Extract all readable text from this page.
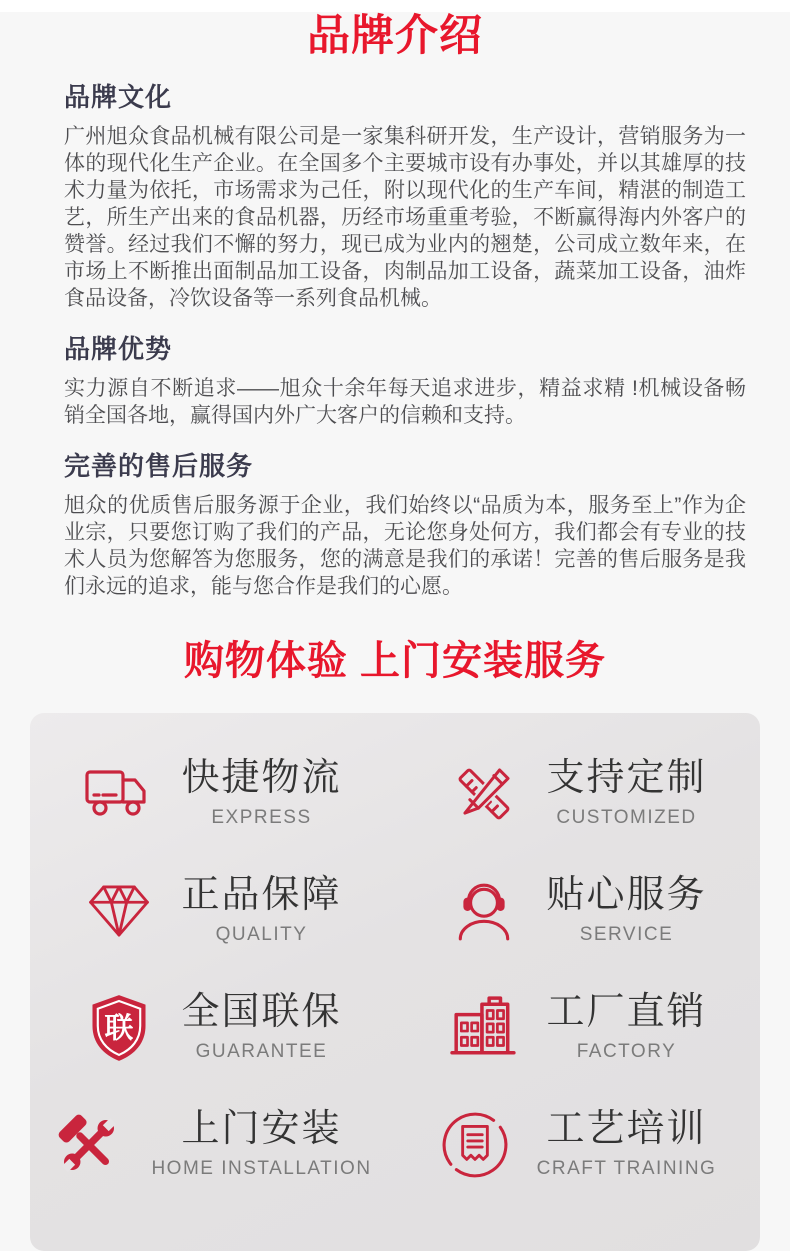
品牌介绍
品牌文化

广州旭众食品机械有限公司是一家集科研开发，生产设计，营销服务为一体的现代化生产企业。在全国多个主要城市设有办事处，并以其雄厚的技术力量为依托，市场需求为己任，附以现代化的生产车间，精湛的制造工艺，所生产出来的食品机器，历经市场重重考验，不断赢得海内外客户的赞誉。经过我们不懈的努力，现已成为业内的翘楚，公司成立数年来，在市场上不断推出面制品加工设备，肉制品加工设备，蔬菜加工设备，油炸食品设备，冷饮设备等一系列食品机械。

品牌优势

实力源自不断追求——旭众十余年每天追求进步，精益求精 !机械设备畅销全国各地，赢得国内外广大客户的信赖和支持。

完善的售后服务

旭众的优质售后服务源于企业，我们始终以“品质为本，服务至上”作为企业宗，只要您订购了我们的产品，无论您身处何方，我们都会有专业的技术人员为您解答为您服务，您的满意是我们的承诺！完善的售后服务是我们永远的追求，能与您合作是我们的心愿。

购物体验 上门安装服务
快捷物流
EXPRESS
支持定制
CUSTOMIZED
正品保障
QUALITY
贴心服务
SERVICE
联 全国联保
GUARANTEE
工厂直销
FACTORY
上门安装
HOME INSTALLATION
工艺培训
CRAFT TRAINING
